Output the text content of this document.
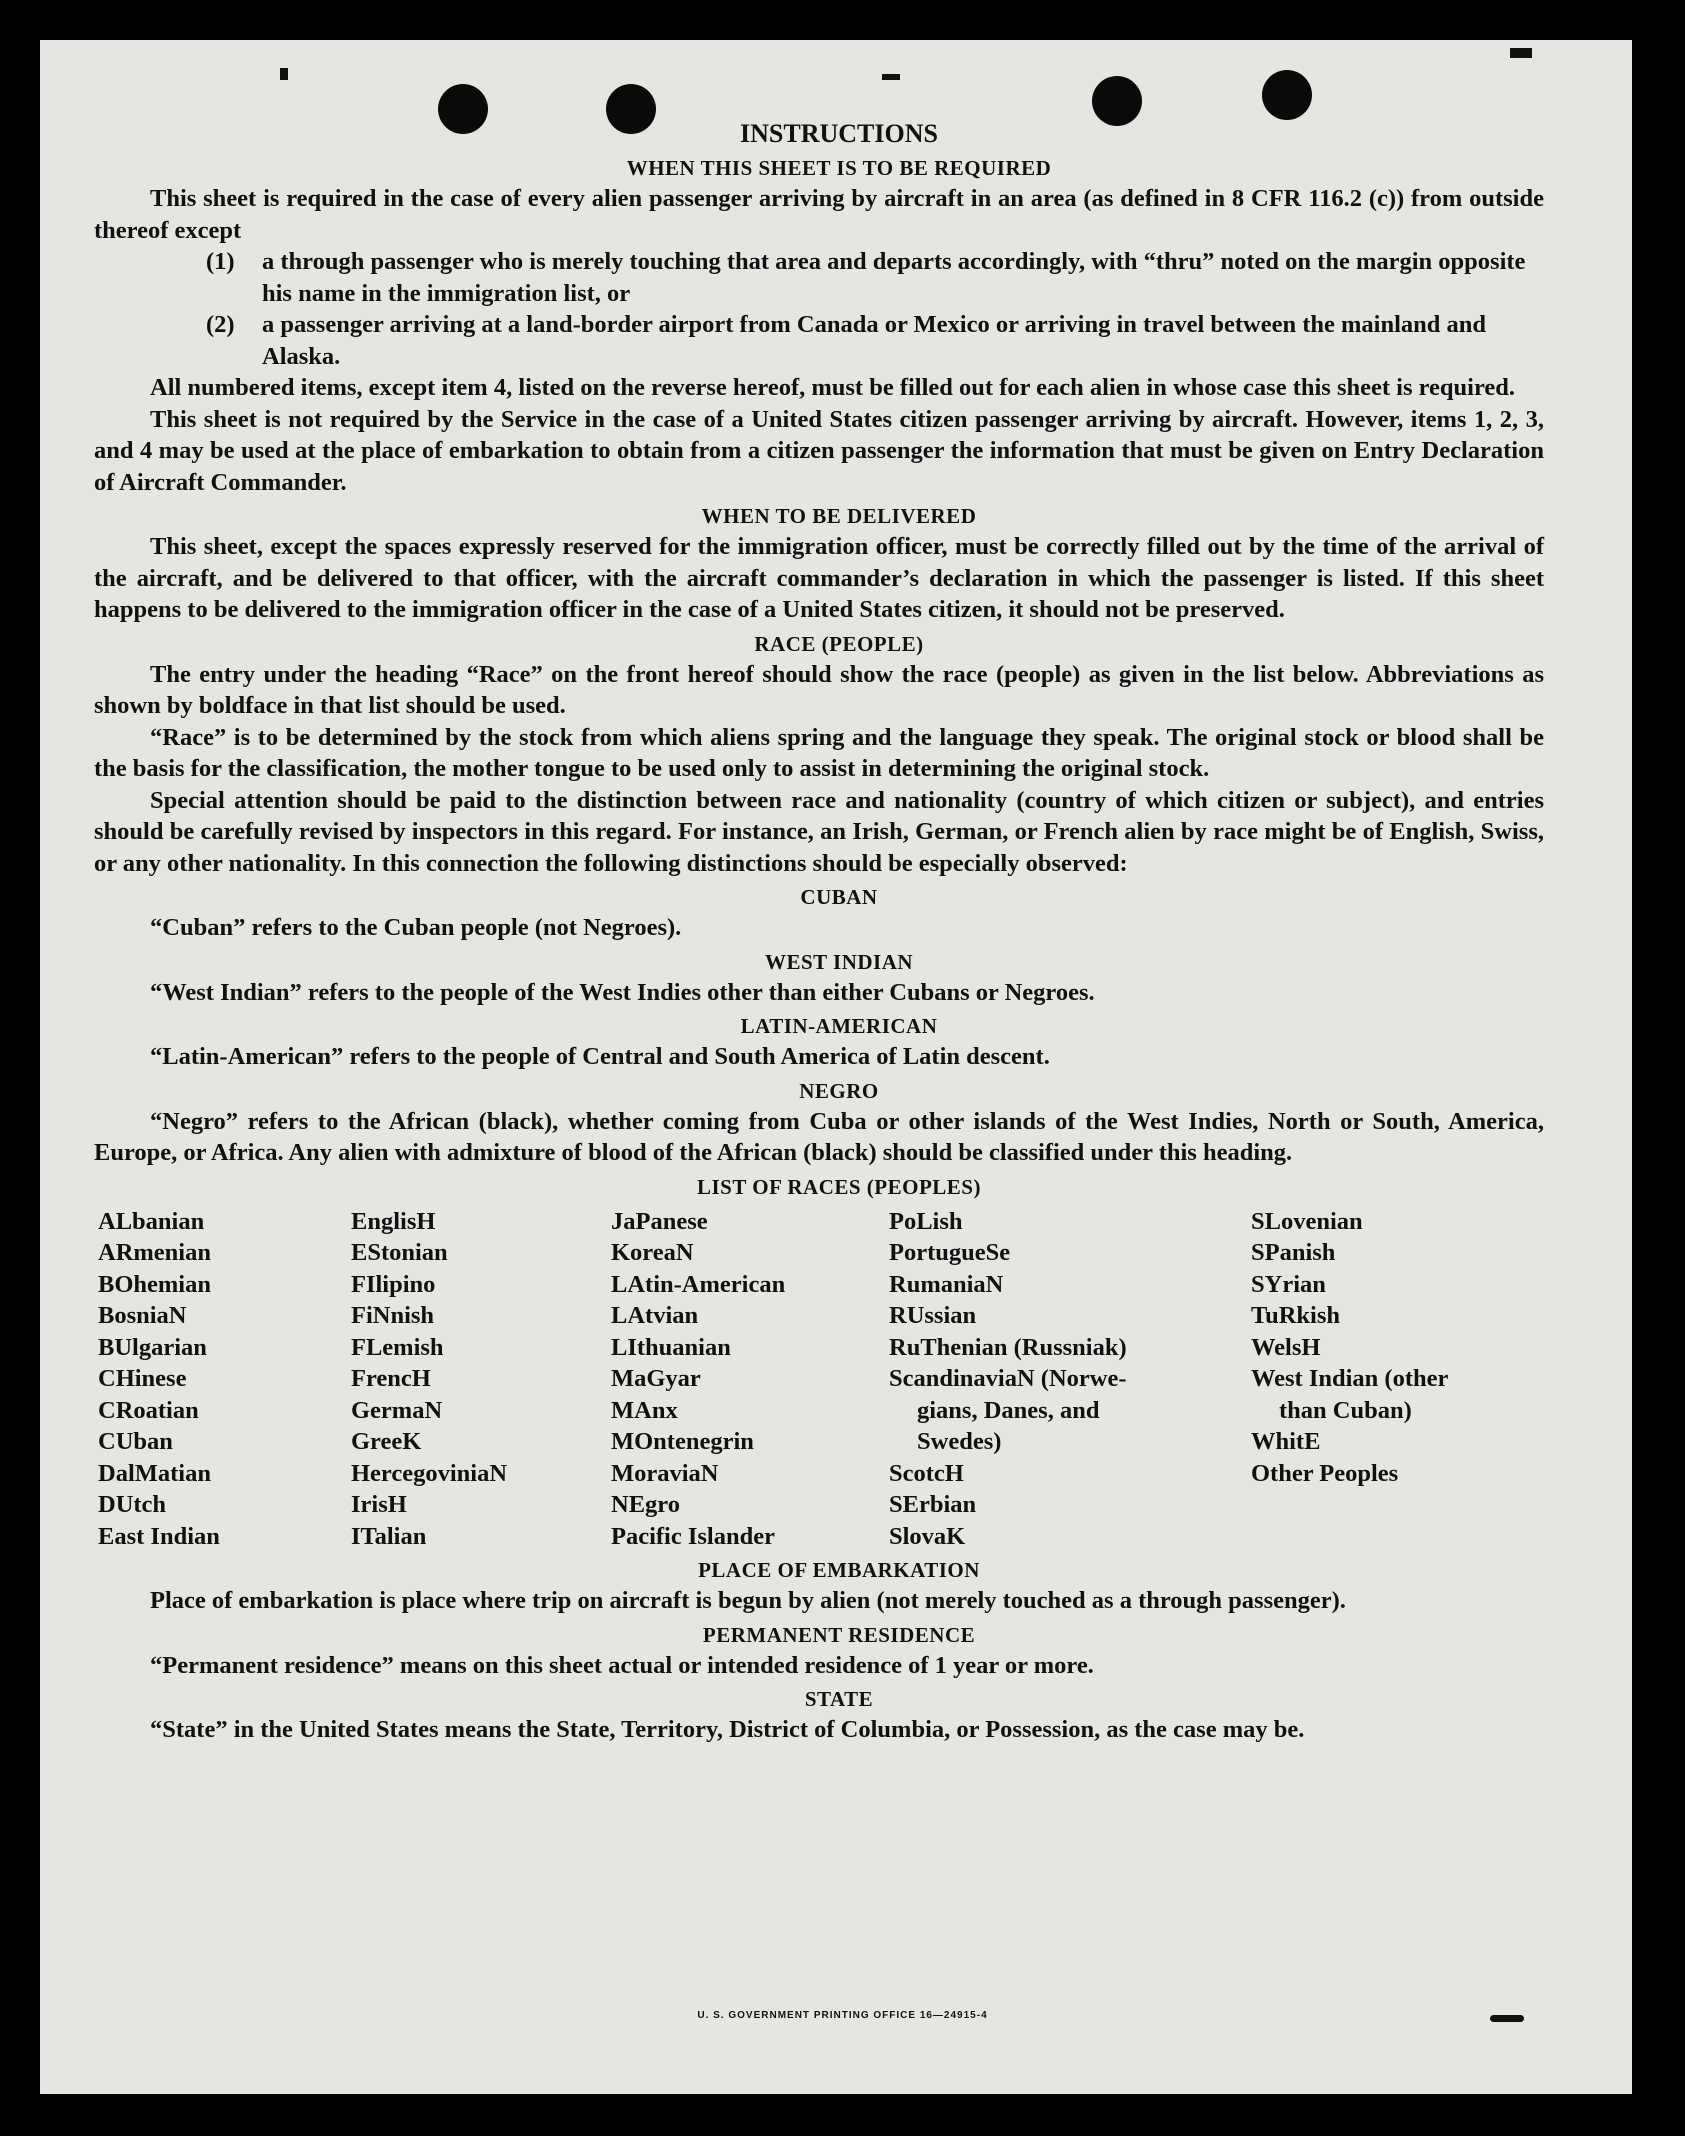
INSTRUCTIONS
WHEN THIS SHEET IS TO BE REQUIRED

This sheet is required in the case of every alien passenger arriving by aircraft in an area (as defined in 8 CFR 116.2 (c)) from outside thereof except

(1)	a through passenger who is merely touching that area and departs accordingly, with “thru” noted on the margin opposite his name in the immigration list, or
(2)	a passenger arriving at a land-border airport from Canada or Mexico or arriving in travel between the mainland and Alaska.

All numbered items, except item 4, listed on the reverse hereof, must be filled out for each alien in whose case this sheet is required.

This sheet is not required by the Service in the case of a United States citizen passenger arriving by aircraft. However, items 1, 2, 3, and 4 may be used at the place of embarkation to obtain from a citizen passenger the information that must be given on Entry Declaration of Aircraft Commander.

WHEN TO BE DELIVERED

This sheet, except the spaces expressly reserved for the immigration officer, must be correctly filled out by the time of the arrival of the aircraft, and be delivered to that officer, with the aircraft commander’s declaration in which the passenger is listed. If this sheet happens to be delivered to the immigration officer in the case of a United States citizen, it should not be preserved.

RACE (PEOPLE)

The entry under the heading “Race” on the front hereof should show the race (people) as given in the list below. Abbreviations as shown by boldface in that list should be used.

“Race” is to be determined by the stock from which aliens spring and the language they speak. The original stock or blood shall be the basis for the classification, the mother tongue to be used only to assist in determining the original stock.

Special attention should be paid to the distinction between race and nationality (country of which citizen or subject), and entries should be carefully revised by inspectors in this regard. For instance, an Irish, German, or French alien by race might be of English, Swiss, or any other nationality. In this connection the following distinctions should be especially observed:

CUBAN

“Cuban” refers to the Cuban people (not Negroes).

WEST INDIAN

“West Indian” refers to the people of the West Indies other than either Cubans or Negroes.

LATIN-AMERICAN

“Latin-American” refers to the people of Central and South America of Latin descent.

NEGRO

“Negro” refers to the African (black), whether coming from Cuba or other islands of the West Indies, North or South, America, Europe, or Africa. Any alien with admixture of blood of the African (black) should be classified under this heading.

LIST OF RACES (PEOPLES)
ALbanian
ARmenian
BOhemian
BosniaN
BUlgarian
CHinese
CRoatian
CUban
DalMatian
DUtch
East Indian
EnglisH
EStonian
FIlipino
FiNnish
FLemish
FrencH
GermaN
GreeK
HercegoviniaN
IrisH
ITalian
JaPanese
KoreaN
LAtin-American
LAtvian
LIthuanian
MaGyar
MAnx
MOntenegrin
MoraviaN
NEgro
Pacific Islander
PoLish
PortugueSe
RumaniaN
RUssian
RuThenian (Russniak)
ScandinaviaN (Norwe-
gians, Danes, and
Swedes)
ScotcH
SErbian
SlovaK
SLovenian
SPanish
SYrian
TuRkish
WelsH
West Indian (other
than Cuban)
WhitE
Other Peoples
PLACE OF EMBARKATION

Place of embarkation is place where trip on aircraft is begun by alien (not merely touched as a through passenger).

PERMANENT RESIDENCE

“Permanent residence” means on this sheet actual or intended residence of 1 year or more.

STATE

“State” in the United States means the State, Territory, District of Columbia, or Possession, as the case may be.

U. S. GOVERNMENT PRINTING OFFICE 16—24915-4
